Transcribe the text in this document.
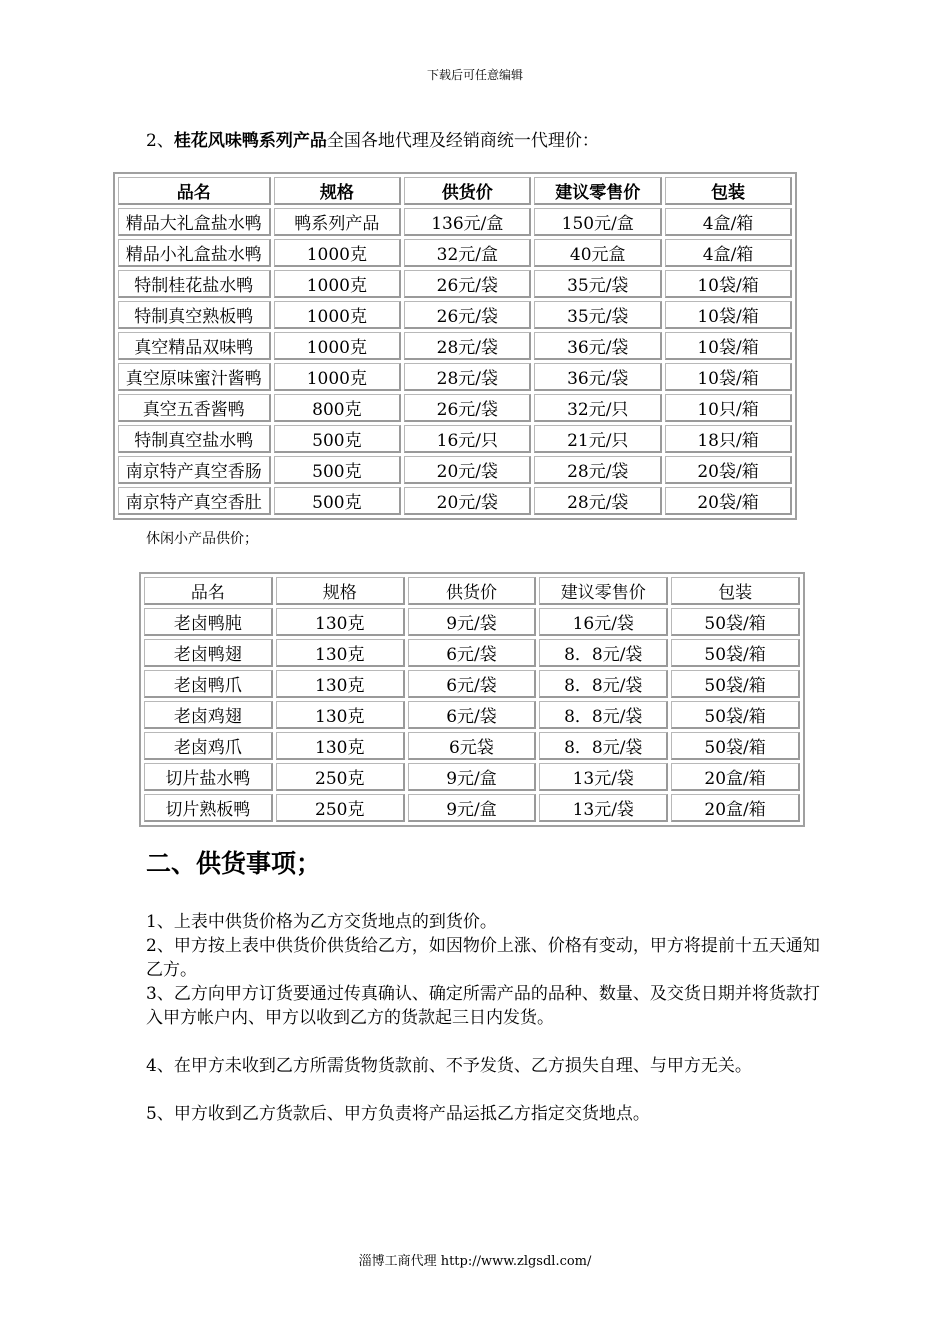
下载后可任意编辑
2、桂花风味鸭系列产品全国各地代理及经销商统一代理价：
品名	规格	供货价	建议零售价	包装
精品大礼盒盐水鸭	鸭系列产品	136元/盒	150元/盒	4盒/箱
精品小礼盒盐水鸭	1000克	32元/盒	40元盒	4盒/箱
特制桂花盐水鸭	1000克	26元/袋	35元/袋	10袋/箱
特制真空熟板鸭	1000克	26元/袋	35元/袋	10袋/箱
真空精品双味鸭	1000克	28元/袋	36元/袋	10袋/箱
真空原味蜜汁酱鸭	1000克	28元/袋	36元/袋	10袋/箱
真空五香酱鸭	800克	26元/袋	32元/只	10只/箱
特制真空盐水鸭	500克	16元/只	21元/只	18只/箱
南京特产真空香肠	500克	20元/袋	28元/袋	20袋/箱
南京特产真空香肚	500克	20元/袋	28元/袋	20袋/箱
休闲小产品供价；
品名	规格	供货价	建议零售价	包装
老卤鸭肫	130克	9元/袋	16元/袋	50袋/箱
老卤鸭翅	130克	6元/袋	8．8元/袋	50袋/箱
老卤鸭爪	130克	6元/袋	8．8元/袋	50袋/箱
老卤鸡翅	130克	6元/袋	8．8元/袋	50袋/箱
老卤鸡爪	130克	6元袋	8．8元/袋	50袋/箱
切片盐水鸭	250克	9元/盒	13元/袋	20盒/箱
切片熟板鸭	250克	9元/盒	13元/袋	20盒/箱
二、供货事项；
1、上表中供货价格为乙方交货地点的到货价。
2、甲方按上表中供货价供货给乙方，如因物价上涨、价格有变动，甲方将提前十五天通知乙方。
3、乙方向甲方订货要通过传真确认、确定所需产品的品种、数量、及交货日期并将货款打入甲方帐户内、甲方以收到乙方的货款起三日内发货。
4、在甲方未收到乙方所需货物货款前、不予发货、乙方损失自理、与甲方无关。
5、甲方收到乙方货款后、甲方负责将产品运抵乙方指定交货地点。
淄博工商代理 http://www.zlgsdl.com/
